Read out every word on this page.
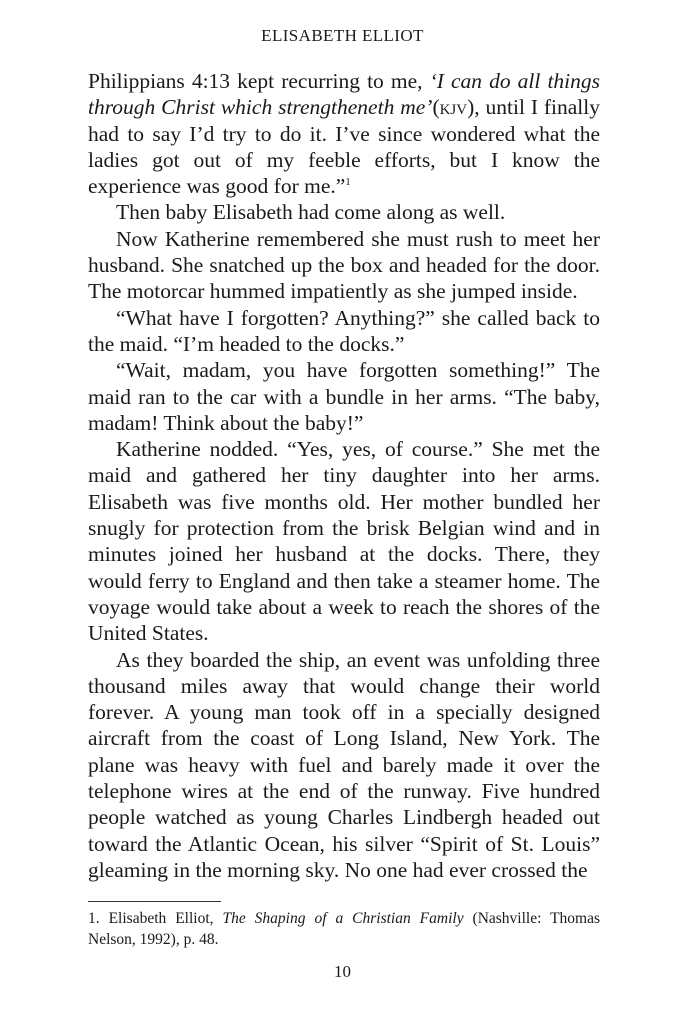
ELISABETH ELLIOT

Philippians 4:13 kept recurring to me, ‘I can do all things through Christ which strengtheneth me’(kjv), until I finally had to say I’d try to do it. I’ve since wondered what the ladies got out of my feeble efforts, but I know the experience was good for me.”$^1$

Then baby Elisabeth had come along as well.

Now Katherine remembered she must rush to meet her husband. She snatched up the box and headed for the door. The motorcar hummed impatiently as she jumped inside.

“What have I forgotten? Anything?” she called back to the maid. “I’m headed to the docks.”

“Wait, madam, you have forgotten something!” The maid ran to the car with a bundle in her arms. “The baby, madam! Think about the baby!”

Katherine nodded. “Yes, yes, of course.” She met the maid and gathered her tiny daughter into her arms. Elisabeth was five months old. Her mother bundled her snugly for protection from the brisk Belgian wind and in minutes joined her husband at the docks. There, they would ferry to England and then take a steamer home. The voyage would take about a week to reach the shores of the United States.

As they boarded the ship, an event was unfolding three thousand miles away that would change their world forever. A young man took off in a specially designed aircraft from the coast of Long Island, New York. The plane was heavy with fuel and barely made it over the telephone wires at the end of the runway. Five hundred people watched as young Charles Lindbergh headed out toward the Atlantic Ocean, his silver “Spirit of St. Louis” gleaming in the morning sky. No one had ever crossed the

1. Elisabeth Elliot, The Shaping of a Christian Family (Nashville: Thomas Nelson, 1992), p. 48.
10
